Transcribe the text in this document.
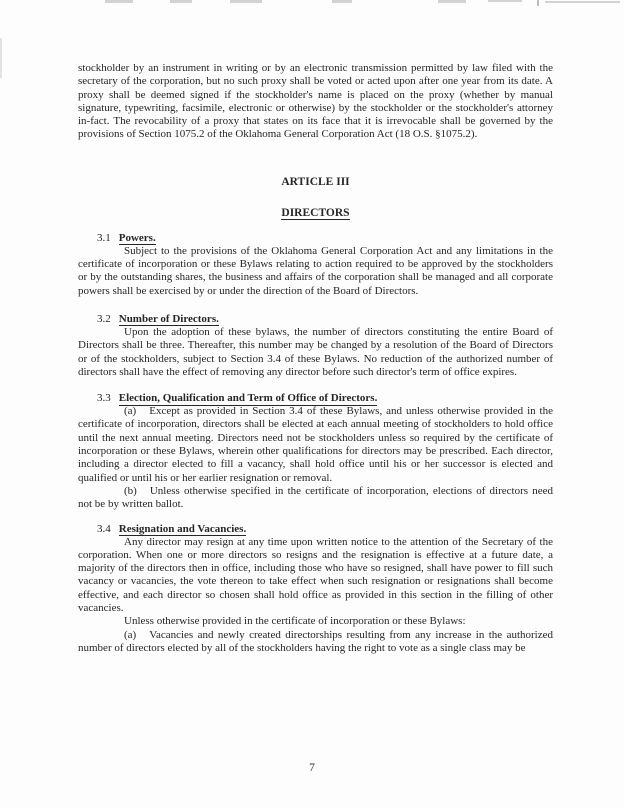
stockholder by an instrument in writing or by an electronic transmission permitted by law filed with the secretary of the corporation, but no such proxy shall be voted or acted upon after one year from its date. A proxy shall be deemed signed if the stockholder's name is placed on the proxy (whether by manual signature, typewriting, facsimile, electronic or otherwise) by the stockholder or the stockholder's attorney in-fact. The revocability of a proxy that states on its face that it is irrevocable shall be governed by the provisions of Section 1075.2 of the Oklahoma General Corporation Act (18 O.S. §1075.2).

ARTICLE III
DIRECTORS
3.1 Powers.

Subject to the provisions of the Oklahoma General Corporation Act and any limitations in the certificate of incorporation or these Bylaws relating to action required to be approved by the stockholders or by the outstanding shares, the business and affairs of the corporation shall be managed and all corporate powers shall be exercised by or under the direction of the Board of Directors.

3.2 Number of Directors.

Upon the adoption of these bylaws, the number of directors constituting the entire Board of Directors shall be three. Thereafter, this number may be changed by a resolution of the Board of Directors or of the stockholders, subject to Section 3.4 of these Bylaws. No reduction of the authorized number of directors shall have the effect of removing any director before such director's term of office expires.

3.3 Election, Qualification and Term of Office of Directors.

(a) Except as provided in Section 3.4 of these Bylaws, and unless otherwise provided in the certificate of incorporation, directors shall be elected at each annual meeting of stockholders to hold office until the next annual meeting. Directors need not be stockholders unless so required by the certificate of incorporation or these Bylaws, wherein other qualifications for directors may be prescribed. Each director, including a director elected to fill a vacancy, shall hold office until his or her successor is elected and qualified or until his or her earlier resignation or removal.

(b) Unless otherwise specified in the certificate of incorporation, elections of directors need not be by written ballot.

3.4 Resignation and Vacancies.

Any director may resign at any time upon written notice to the attention of the Secretary of the corporation. When one or more directors so resigns and the resignation is effective at a future date, a majority of the directors then in office, including those who have so resigned, shall have power to fill such vacancy or vacancies, the vote thereon to take effect when such resignation or resignations shall become effective, and each director so chosen shall hold office as provided in this section in the filling of other vacancies.

Unless otherwise provided in the certificate of incorporation or these Bylaws:

(a) Vacancies and newly created directorships resulting from any increase in the authorized number of directors elected by all of the stockholders having the right to vote as a single class may be

7
